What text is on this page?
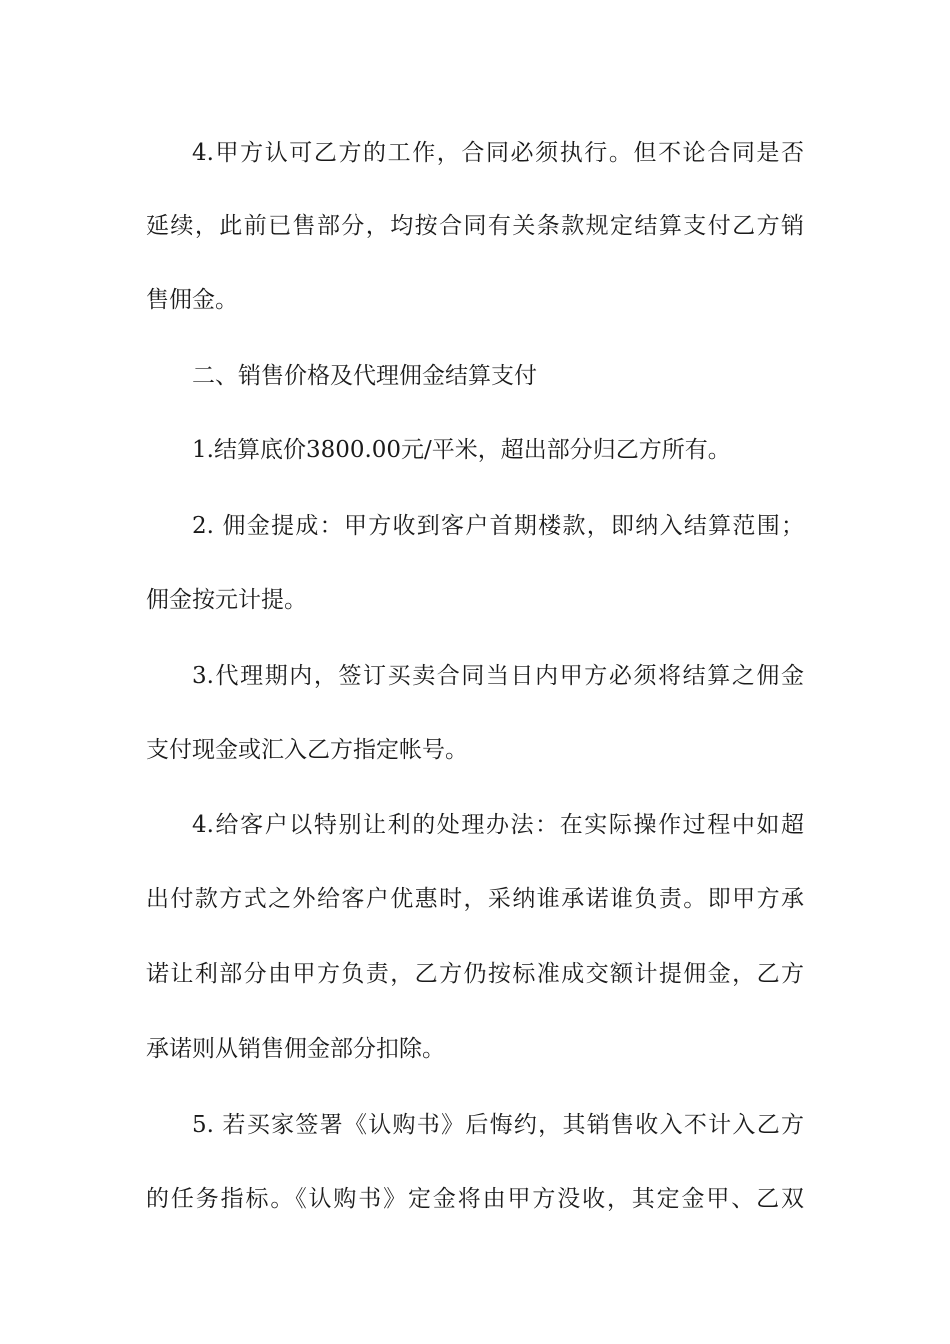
4.甲方认可乙方的工作，合同必须执行。但不论合同是否
延续，此前已售部分，均按合同有关条款规定结算支付乙方销
售佣金。
二、销售价格及代理佣金结算支付
1.结算底价3800.00元/平米，超出部分归乙方所有。
2. 佣金提成：甲方收到客户首期楼款，即纳入结算范围；
佣金按元计提。
3.代理期内，签订买卖合同当日内甲方必须将结算之佣金
支付现金或汇入乙方指定帐号。
4.给客户以特别让利的处理办法：在实际操作过程中如超
出付款方式之外给客户优惠时，采纳谁承诺谁负责。即甲方承
诺让利部分由甲方负责，乙方仍按标准成交额计提佣金，乙方
承诺则从销售佣金部分扣除。
5. 若买家签署《认购书》后悔约，其销售收入不计入乙方
的任务指标。《认购书》定金将由甲方没收，其定金甲、乙双
